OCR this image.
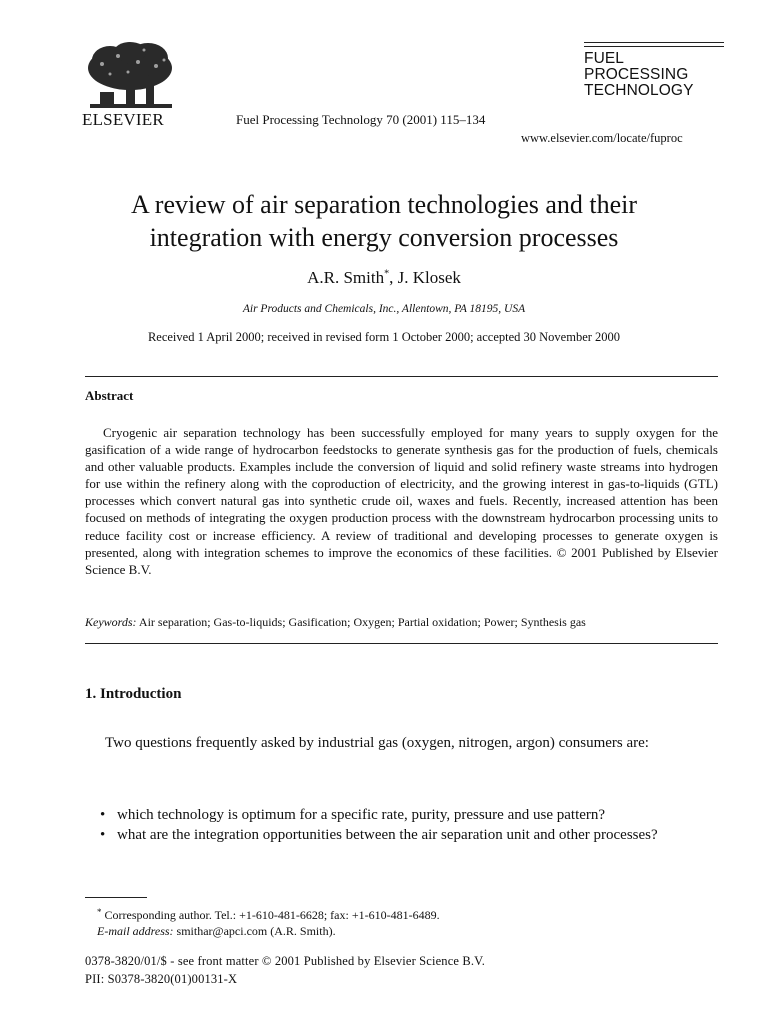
ELSEVIER	Fuel Processing Technology 70 (2001) 115–134
FUEL
PROCESSING
TECHNOLOGY
www.elsevier.com/locate/fuproc
A review of air separation technologies and their
integration with energy conversion processes
A.R. Smith*, J. Klosek
Air Products and Chemicals, Inc., Allentown, PA 18195, USA
Received 1 April 2000; received in revised form 1 October 2000; accepted 30 November 2000
Abstract
Cryogenic air separation technology has been successfully employed for many years to supply oxygen for the gasification of a wide range of hydrocarbon feedstocks to generate synthesis gas for the production of fuels, chemicals and other valuable products. Examples include the conversion of liquid and solid refinery waste streams into hydrogen for use within the refinery along with the coproduction of electricity, and the growing interest in gas-to-liquids (GTL) processes which convert natural gas into synthetic crude oil, waxes and fuels. Recently, increased attention has been focused on methods of integrating the oxygen production process with the downstream hydrocarbon processing units to reduce facility cost or increase efficiency. A review of traditional and developing processes to generate oxygen is presented, along with integration schemes to improve the economics of these facilities. © 2001 Published by Elsevier Science B.V.
Keywords: Air separation; Gas-to-liquids; Gasification; Oxygen; Partial oxidation; Power; Synthesis gas
1. Introduction
Two questions frequently asked by industrial gas (oxygen, nitrogen, argon) consumers are:
• which technology is optimum for a specific rate, purity, pressure and use pattern?
• what are the integration opportunities between the air separation unit and other processes?
* Corresponding author. Tel.: +1-610-481-6628; fax: +1-610-481-6489.
E-mail address: smithar@apci.com (A.R. Smith).
0378-3820/01/$ - see front matter © 2001 Published by Elsevier Science B.V.
PII: S0378-3820(01)00131-X
